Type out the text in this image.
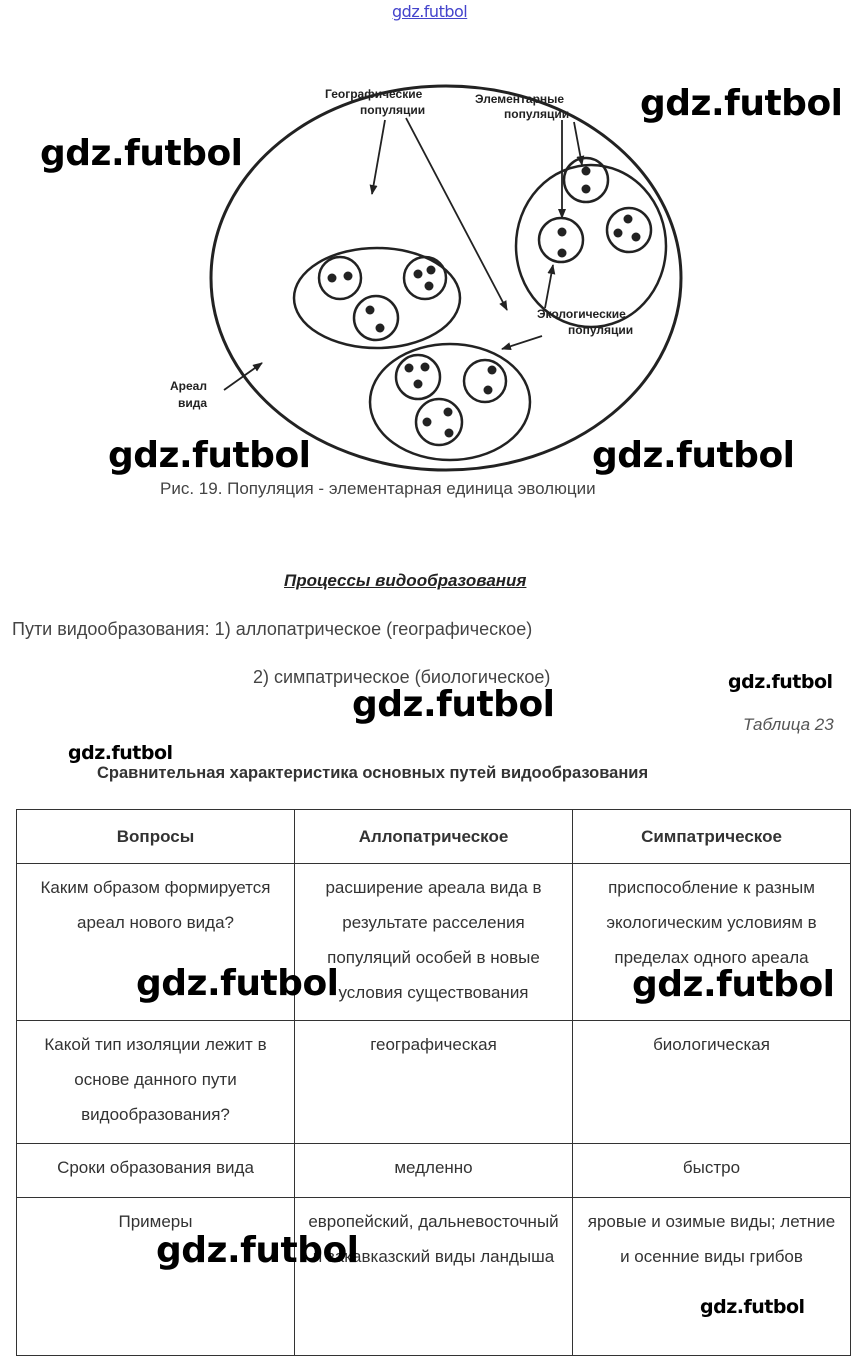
gdz.futbol
Географические
популяции
Элементарные
популяции
Экологические
популяции
Ареал
вида
gdz.futbol
gdz.futbol
gdz.futbol	gdz.futbol
Рис. 19. Популяция - элементарная единица эволюции
Процессы видообразования
Пути видообразования: 1) аллопатрическое (географическое)
2) симпатрическое (биологическое)	gdz.futbol
gdz.futbol	Таблица 23
gdz.futbol
Сравнительная характеристика основных путей видообразования
Вопросы	Аллопатрическое	Симпатрическое
Каким образом формируется ареал нового вида?	расширение ареала вида в результате расселения популяций особей в новые условия существования	приспособление к разным экологическим условиям в пределах одного ареала
Какой тип изоляции лежит в основе данного пути видообразования?	географическая	биологическая
Сроки образования вида	медленно	быстро
Примеры	европейский, дальневосточный и закавказский виды ландыша	яровые и озимые виды; летние и осенние виды грибов
gdz.futbol	gdz.futbol
gdz.futbol
gdz.futbol
